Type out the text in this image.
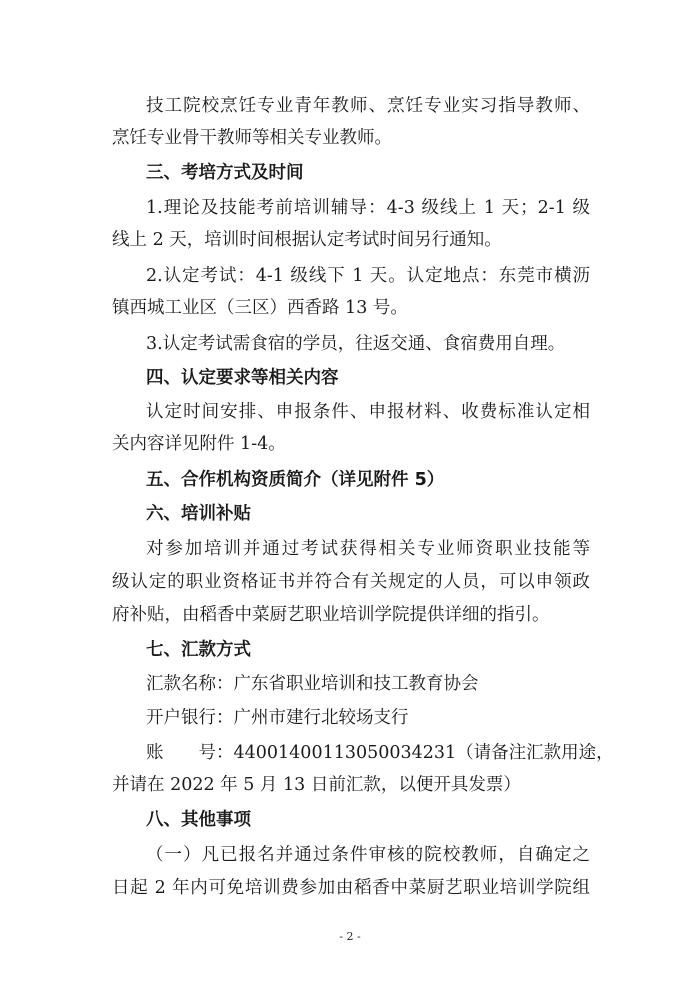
技工院校烹饪专业青年教师、烹饪专业实习指导教师、
烹饪专业骨干教师等相关专业教师。
三、考培方式及时间
1.理论及技能考前培训辅导：4-3 级线上 1 天；2-1 级
线上 2 天，培训时间根据认定考试时间另行通知。
2.认定考试：4-1 级线下 1 天。认定地点：东莞市横沥
镇西城工业区（三区）西香路 13 号。
3.认定考试需食宿的学员，往返交通、食宿费用自理。
四、认定要求等相关内容
认定时间安排、申报条件、申报材料、收费标准认定相
关内容详见附件 1-4。
五、合作机构资质简介（详见附件 5）
六、培训补贴
对参加培训并通过考试获得相关专业师资职业技能等
级认定的职业资格证书并符合有关规定的人员，可以申领政
府补贴，由稻香中菜厨艺职业培训学院提供详细的指引。
七、汇款方式
汇款名称：广东省职业培训和技工教育协会
开户银行：广州市建行北较场支行
账　　号：44001400113050034231（请备注汇款用途，
并请在 2022 年 5 月 13 日前汇款，以便开具发票）
八、其他事项
（一）凡已报名并通过条件审核的院校教师，自确定之
日起 2 年内可免培训费参加由稻香中菜厨艺职业培训学院组
- 2 -
